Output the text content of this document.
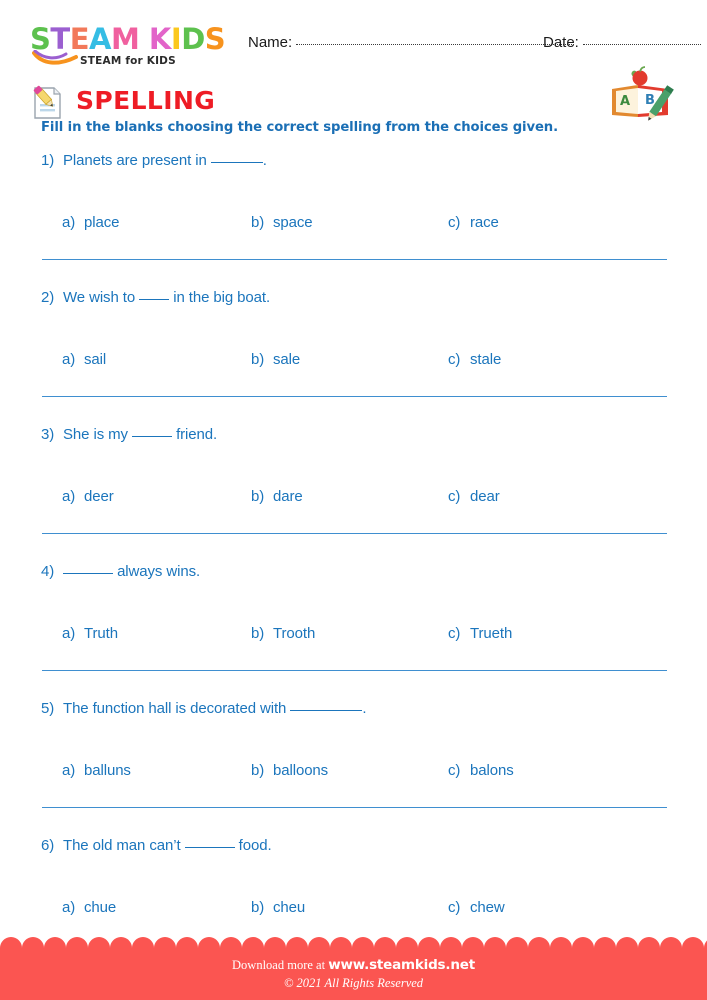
STEAM KIDS
STEAM for KIDS
Name:	Date:
SPELLING	A B
Fill in the blanks choosing the correct spelling from the choices given.
1) Planets are present in	.
a) place	b) space	c) race
2) We wish to  in the big boat.
a) sail	b) sale	c) stale
3) She is my	friend.
a) deer	b) dare	c) dear
4)	always wins.
a) Truth	b) Trooth	c) Trueth
5) The function hall is decorated with	.
a) balluns	b) balloons	c) balons
6) The old man can’t	food.
a) chue	b) cheu	c) chew
Download more at www.steamkids.net
© 2021 All Rights Reserved
